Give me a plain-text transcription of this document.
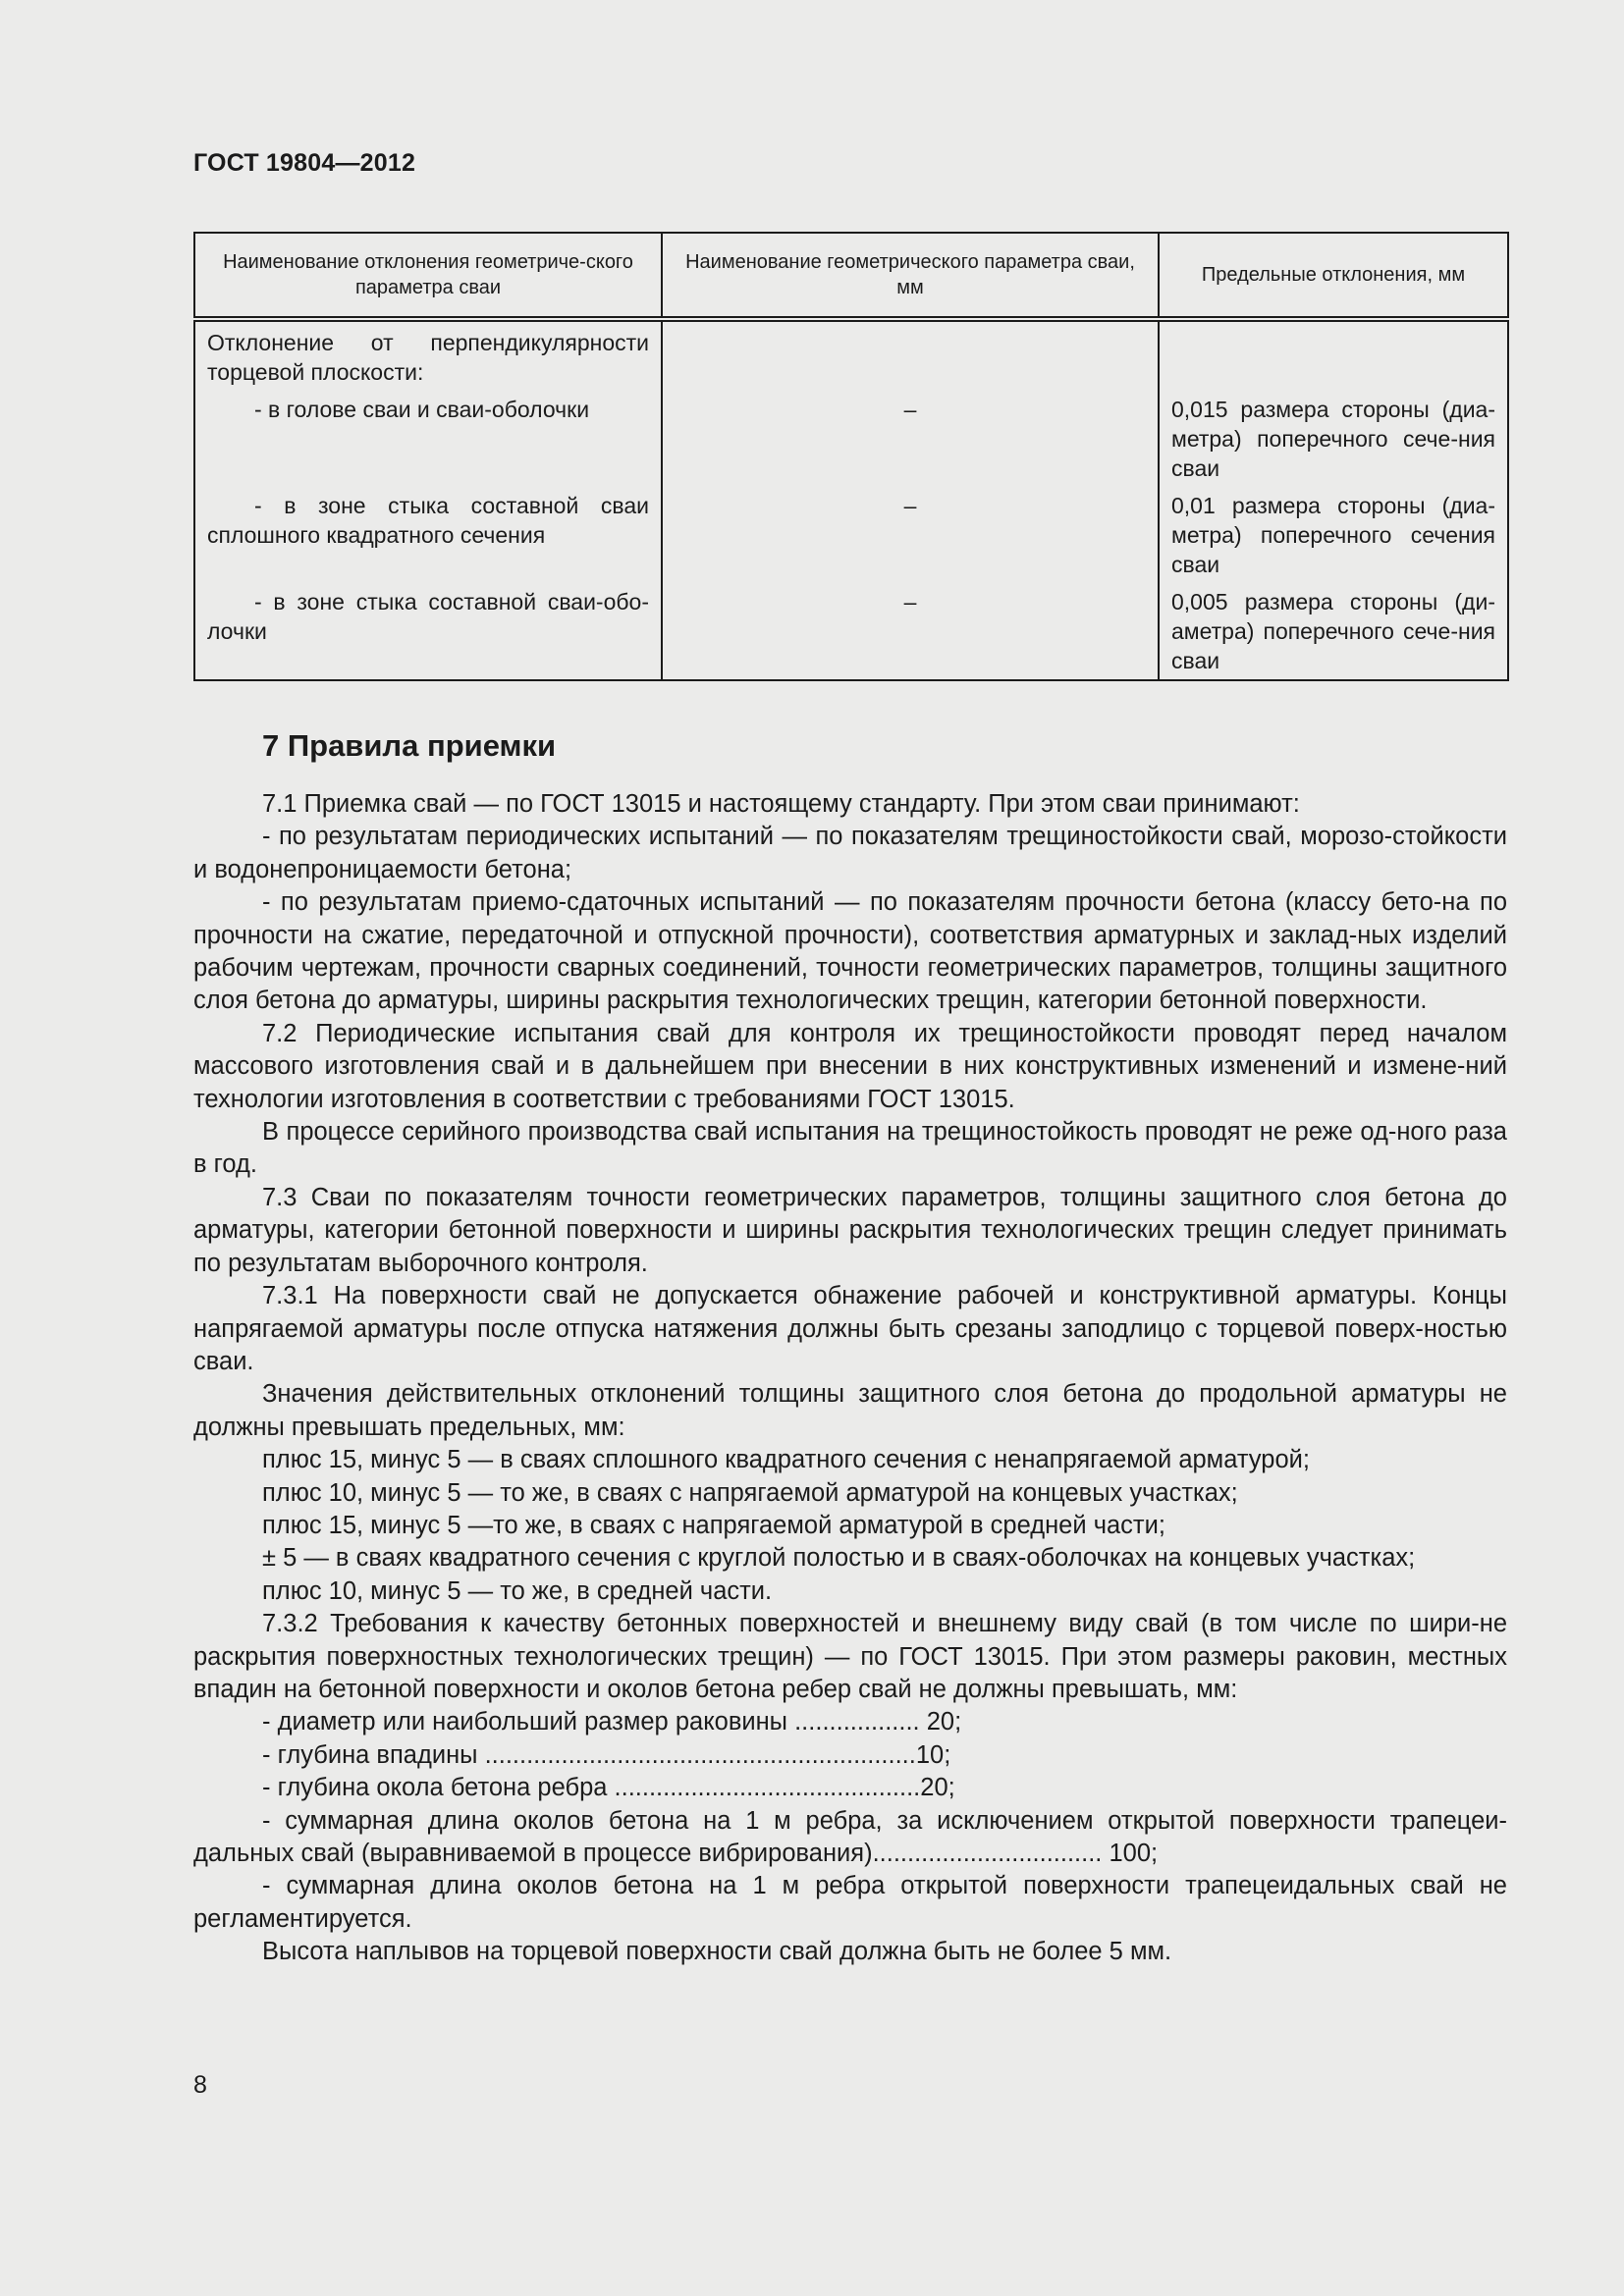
ГОСТ 19804—2012
Наименование отклонения геометриче-ского параметра сваи	Наименование геометрического параметра сваи, мм	Предельные отклонения, мм
Отклонение от перпендикулярности торцевой плоскости:		
- в голове сваи и сваи-оболочки	–	0,015 размера стороны (диа-метра) поперечного сече-ния сваи
- в зоне стыка составной сваи сплошного квадратного сечения	–	0,01 размера стороны (диа-метра) поперечного сечения сваи
- в зоне стыка составной сваи-обо-лочки	–	0,005 размера стороны (ди-аметра) поперечного сече-ния сваи
7 Правила приемки

7.1 Приемка свай — по ГОСТ 13015 и настоящему стандарту. При этом сваи принимают:

- по результатам периодических испытаний — по показателям трещиностойкости свай, морозо-стойкости и водонепроницаемости бетона;

- по результатам приемо-сдаточных испытаний — по показателям прочности бетона (классу бето-на по прочности на сжатие, передаточной и отпускной прочности), соответствия арматурных и заклад-ных изделий рабочим чертежам, прочности сварных соединений, точности геометрических параметров, толщины защитного слоя бетона до арматуры, ширины раскрытия технологических трещин, категории бетонной поверхности.

7.2 Периодические испытания свай для контроля их трещиностойкости проводят перед началом массового изготовления свай и в дальнейшем при внесении в них конструктивных изменений и измене-ний технологии изготовления в соответствии с требованиями ГОСТ 13015.

В процессе серийного производства свай испытания на трещиностойкость проводят не реже од-ного раза в год.

7.3 Сваи по показателям точности геометрических параметров, толщины защитного слоя бетона до арматуры, категории бетонной поверхности и ширины раскрытия технологических трещин следует принимать по результатам выборочного контроля.

7.3.1 На поверхности свай не допускается обнажение рабочей и конструктивной арматуры. Концы напрягаемой арматуры после отпуска натяжения должны быть срезаны заподлицо с торцевой поверх-ностью сваи.

Значения действительных отклонений толщины защитного слоя бетона до продольной арматуры не должны превышать предельных, мм:

плюс 15, минус 5 — в сваях сплошного квадратного сечения с ненапрягаемой арматурой;

плюс 10, минус 5 — то же, в сваях с напрягаемой арматурой на концевых участках;

плюс 15, минус 5 —то же, в сваях с напрягаемой арматурой в средней части;

± 5 — в сваях квадратного сечения с круглой полостью и в сваях-оболочках на концевых участках;

плюс 10, минус 5 — то же, в средней части.

7.3.2 Требования к качеству бетонных поверхностей и внешнему виду свай (в том числе по шири-не раскрытия поверхностных технологических трещин) — по ГОСТ 13015. При этом размеры раковин, местных впадин на бетонной поверхности и околов бетона ребер свай не должны превышать, мм:

- диаметр или наибольший размер раковины .................. 20;

- глубина впадины ..............................................................10;

- глубина окола бетона ребра ............................................20;

- суммарная длина околов бетона на 1 м ребра, за исключением открытой поверхности трапецеи-дальных свай (выравниваемой в процессе вибрирования)................................. 100;

- суммарная длина околов бетона на 1 м ребра открытой поверхности трапецеидальных свай не регламентируется.

Высота наплывов на торцевой поверхности свай должна быть не более 5 мм.

8
